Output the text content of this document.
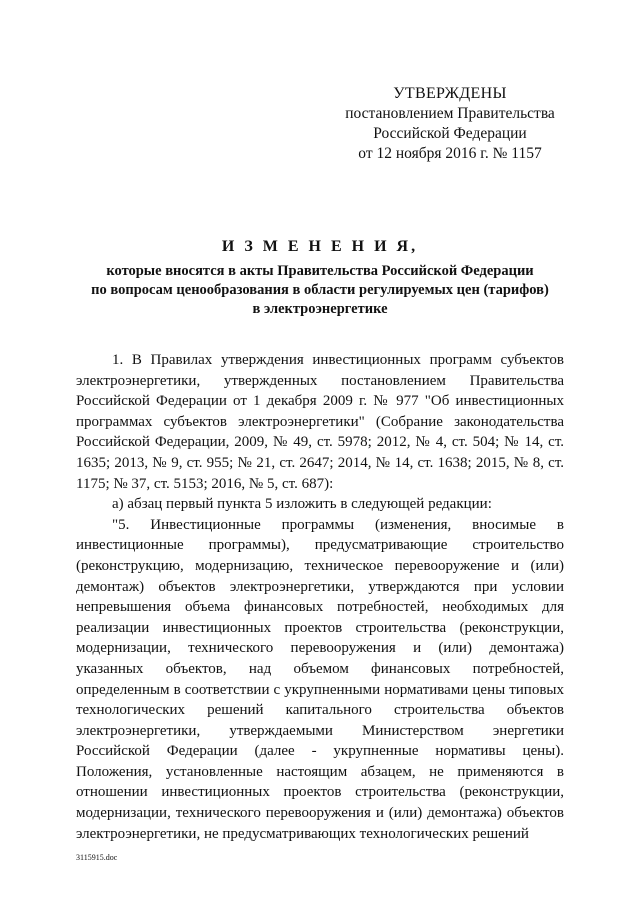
УТВЕРЖДЕНЫ
постановлением Правительства
Российской Федерации
от 12 ноября 2016 г. № 1157
И З М Е Н Е Н И Я,
которые вносятся в акты Правительства Российской Федерации
по вопросам ценообразования в области регулируемых цен (тарифов)
в электроэнергетике

1. В Правилах утверждения инвестиционных программ субъектов электроэнергетики, утвержденных постановлением Правительства Российской Федерации от 1 декабря 2009 г. № 977 "Об инвестиционных программах субъектов электроэнергетики" (Собрание законодательства Российской Федерации, 2009, № 49, ст. 5978; 2012, № 4, ст. 504; № 14, ст. 1635; 2013, № 9, ст. 955; № 21, ст. 2647; 2014, № 14, ст. 1638; 2015, № 8, ст. 1175; № 37, ст. 5153; 2016, № 5, ст. 687):

а) абзац первый пункта 5 изложить в следующей редакции:

"5. Инвестиционные программы (изменения, вносимые в инвестиционные программы), предусматривающие строительство (реконструкцию, модернизацию, техническое перевооружение и (или) демонтаж) объектов электроэнергетики, утверждаются при условии непревышения объема финансовых потребностей, необходимых для реализации инвестиционных проектов строительства (реконструкции, модернизации, технического перевооружения и (или) демонтажа) указанных объектов, над объемом финансовых потребностей, определенным в соответствии с укрупненными нормативами цены типовых технологических решений капитального строительства объектов электроэнергетики, утверждаемыми Министерством энергетики Российской Федерации (далее - укрупненные нормативы цены). Положения, установленные настоящим абзацем, не применяются в отношении инвестиционных проектов строительства (реконструкции, модернизации, технического перевооружения и (или) демонтажа) объектов электроэнергетики, не предусматривающих технологических решений

3115915.doc
